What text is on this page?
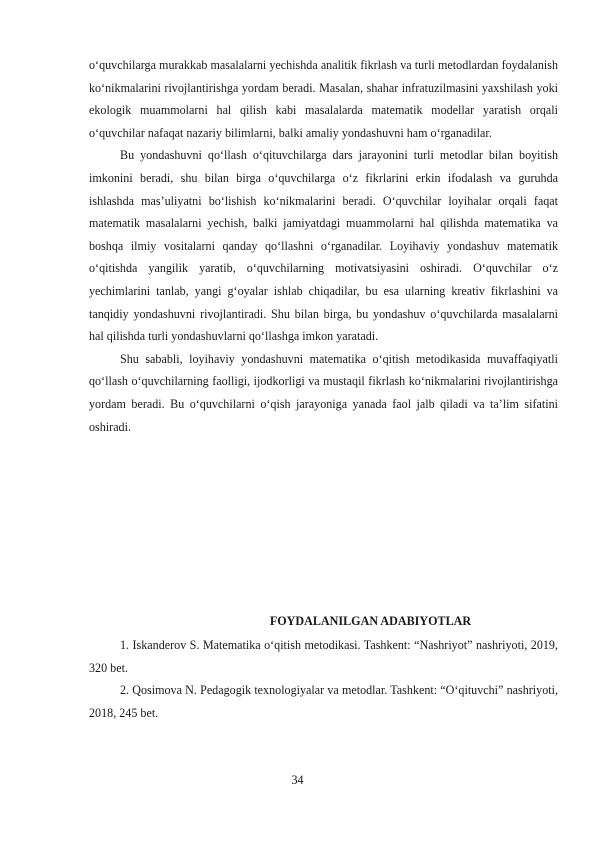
o‘quvchilarga murakkab masalalarni yechishda analitik fikrlash va turli metodlardan foydalanish ko‘nikmalarini rivojlantirishga yordam beradi. Masalan, shahar infratuzilmasini yaxshilash yoki ekologik muammolarni hal qilish kabi masalalarda matematik modellar yaratish orqali o‘quvchilar nafaqat nazariy bilimlarni, balki amaliy yondashuvni ham o‘rganadilar.

Bu yondashuvni qo‘llash o‘qituvchilarga dars jarayonini turli metodlar bilan boyitish imkonini beradi, shu bilan birga o‘quvchilarga o‘z fikrlarini erkin ifodalash va guruhda ishlashda mas’uliyatni bo‘lishish ko‘nikmalarini beradi. O‘quvchilar loyihalar orqali faqat matematik masalalarni yechish, balki jamiyatdagi muammolarni hal qilishda matematika va boshqa ilmiy vositalarni qanday qo‘llashni o‘rganadilar. Loyihaviy yondashuv matematik o‘qitishda yangilik yaratib, o‘quvchilarning motivatsiyasini oshiradi. O‘quvchilar o‘z yechimlarini tanlab, yangi g‘oyalar ishlab chiqadilar, bu esa ularning kreativ fikrlashini va tanqidiy yondashuvni rivojlantiradi. Shu bilan birga, bu yondashuv o‘quvchilarda masalalarni hal qilishda turli yondashuvlarni qo‘llashga imkon yaratadi.

Shu sababli, loyihaviy yondashuvni matematika o‘qitish metodikasida muvaffaqiyatli qo‘llash o‘quvchilarning faolligi, ijodkorligi va mustaqil fikrlash ko‘nikmalarini rivojlantirishga yordam beradi. Bu o‘quvchilarni o‘qish jarayoniga yanada faol jalb qiladi va ta’lim sifatini oshiradi.

FOYDALANILGAN ADABIYOTLAR

1. Iskanderov S. Matematika o‘qitish metodikasi. Tashkent: “Nashriyot” nashriyoti, 2019, 320 bet.

2. Qosimova N. Pedagogik texnologiyalar va metodlar. Tashkent: “O‘qituvchi” nashriyoti, 2018, 245 bet.

34
